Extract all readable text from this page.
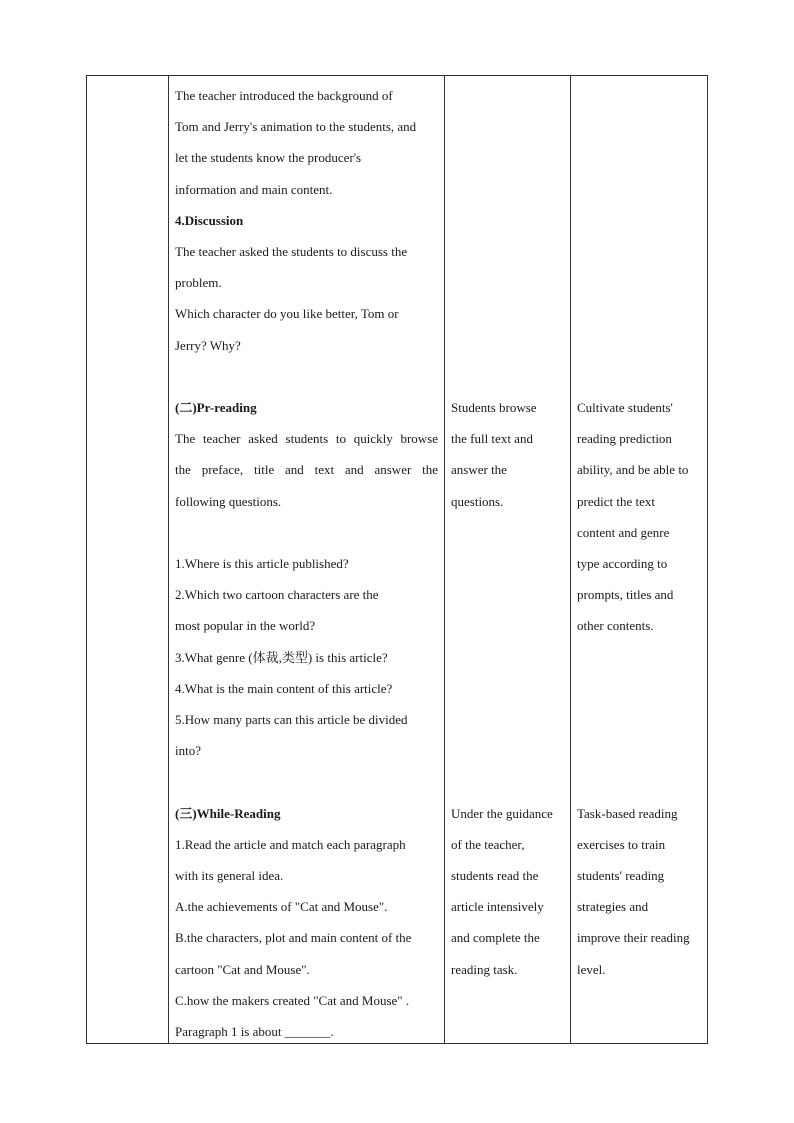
The teacher introduced the background of

Tom and Jerry's animation to the students, and

let the students know the producer's

information and main content.

4.Discussion

The teacher asked the students to discuss the

problem.

Which character do you like better, Tom or

Jerry? Why?

(二)Pr-reading

The teacher asked students to quickly browse

the preface, title and text and answer the

following questions.

1.Where is this article published?

2.Which two cartoon characters are the

most popular in the world?

3.What genre (体裁,类型) is this article?

4.What is the main content of this article?

5.How many parts can this article be divided

into?

(三)While-Reading

1.Read the article and match each paragraph

with its general idea.

A.the achievements of "Cat and Mouse".

B.the characters, plot and main content of the

cartoon "Cat and Mouse".

C.how the makers created "Cat and Mouse" .

Paragraph 1 is about _______.

Students browse

the full text and

answer the

questions.

Under the guidance

of the teacher,

students read the

article intensively

and complete the

reading task.

Cultivate students'

reading prediction

ability, and be able to

predict the text

content and genre

type according to

prompts, titles and

other contents.

Task-based reading

exercises to train

students' reading

strategies and

improve their reading

level.
